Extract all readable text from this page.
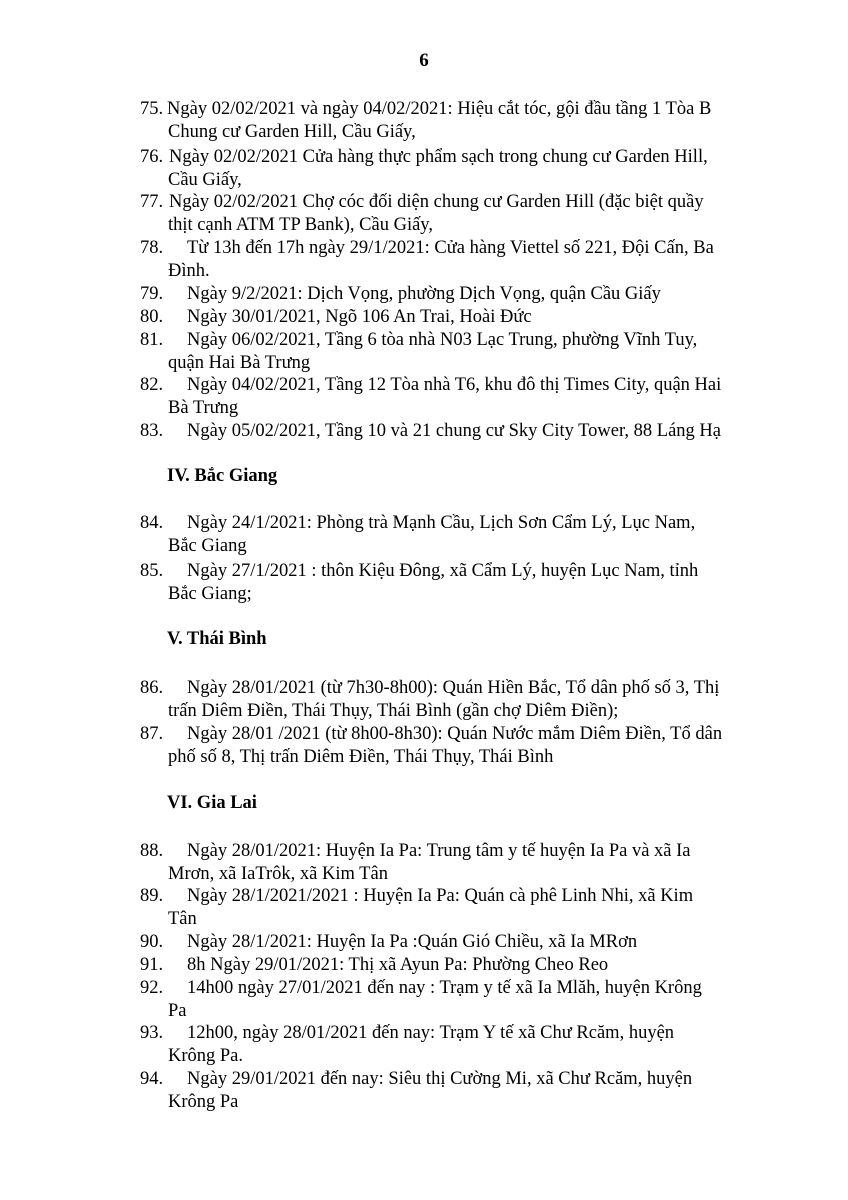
6
75. Ngày 02/02/2021 và ngày 04/02/2021: Hiệu cắt tóc, gội đầu tầng 1 Tòa B
Chung cư Garden Hill, Cầu Giấy,
76. Ngày 02/02/2021 Cửa hàng thực phẩm sạch trong chung cư Garden Hill,
Cầu Giấy,
77. Ngày 02/02/2021 Chợ cóc đối diện chung cư Garden Hill (đặc biệt quầy
thịt cạnh ATM TP Bank), Cầu Giấy,
78. Từ 13h đến 17h ngày 29/1/2021: Cửa hàng Viettel số 221, Đội Cấn, Ba
Đình.
79. Ngày 9/2/2021: Dịch Vọng, phường Dịch Vọng, quận Cầu Giấy
80. Ngày 30/01/2021, Ngõ 106 An Trai, Hoài Đức
81. Ngày 06/02/2021, Tầng 6 tòa nhà N03 Lạc Trung, phường Vĩnh Tuy,
quận Hai Bà Trưng
82. Ngày 04/02/2021, Tầng 12 Tòa nhà T6, khu đô thị Times City, quận Hai
Bà Trưng
83. Ngày 05/02/2021, Tầng 10 và 21 chung cư Sky City Tower, 88 Láng Hạ
IV. Bắc Giang
84. Ngày 24/1/2021: Phòng trà Mạnh Cầu, Lịch Sơn Cẩm Lý, Lục Nam,
Bắc Giang
85. Ngày 27/1/2021 : thôn Kiệu Đông, xã Cẩm Lý, huyện Lục Nam, tỉnh
Bắc Giang;
V. Thái Bình
86. Ngày 28/01/2021 (từ 7h30-8h00): Quán Hiền Bắc, Tổ dân phố số 3, Thị
trấn Diêm Điền, Thái Thụy, Thái Bình (gần chợ Diêm Điền);
87. Ngày 28/01 /2021 (từ 8h00-8h30): Quán Nước mắm Diêm Điền, Tổ dân
phố số 8, Thị trấn Diêm Điền, Thái Thụy, Thái Bình
VI. Gia Lai
88. Ngày 28/01/2021: Huyện Ia Pa: Trung tâm y tế huyện Ia Pa và xã Ia
Mrơn, xã IaTrôk, xã Kim Tân
89. Ngày 28/1/2021/2021 : Huyện Ia Pa: Quán cà phê Linh Nhi, xã Kim
Tân
90. Ngày 28/1/2021: Huyện Ia Pa :Quán Gió Chiều, xã Ia MRơn
91. 8h Ngày 29/01/2021: Thị xã Ayun Pa: Phường Cheo Reo
92. 14h00 ngày 27/01/2021 đến nay : Trạm y tế xã Ia Mlăh, huyện Krông
Pa
93. 12h00, ngày 28/01/2021 đến nay: Trạm Y tế xã Chư Rcăm, huyện
Krông Pa.
94. Ngày 29/01/2021 đến nay: Siêu thị Cường Mi, xã Chư Rcăm, huyện
Krông Pa
